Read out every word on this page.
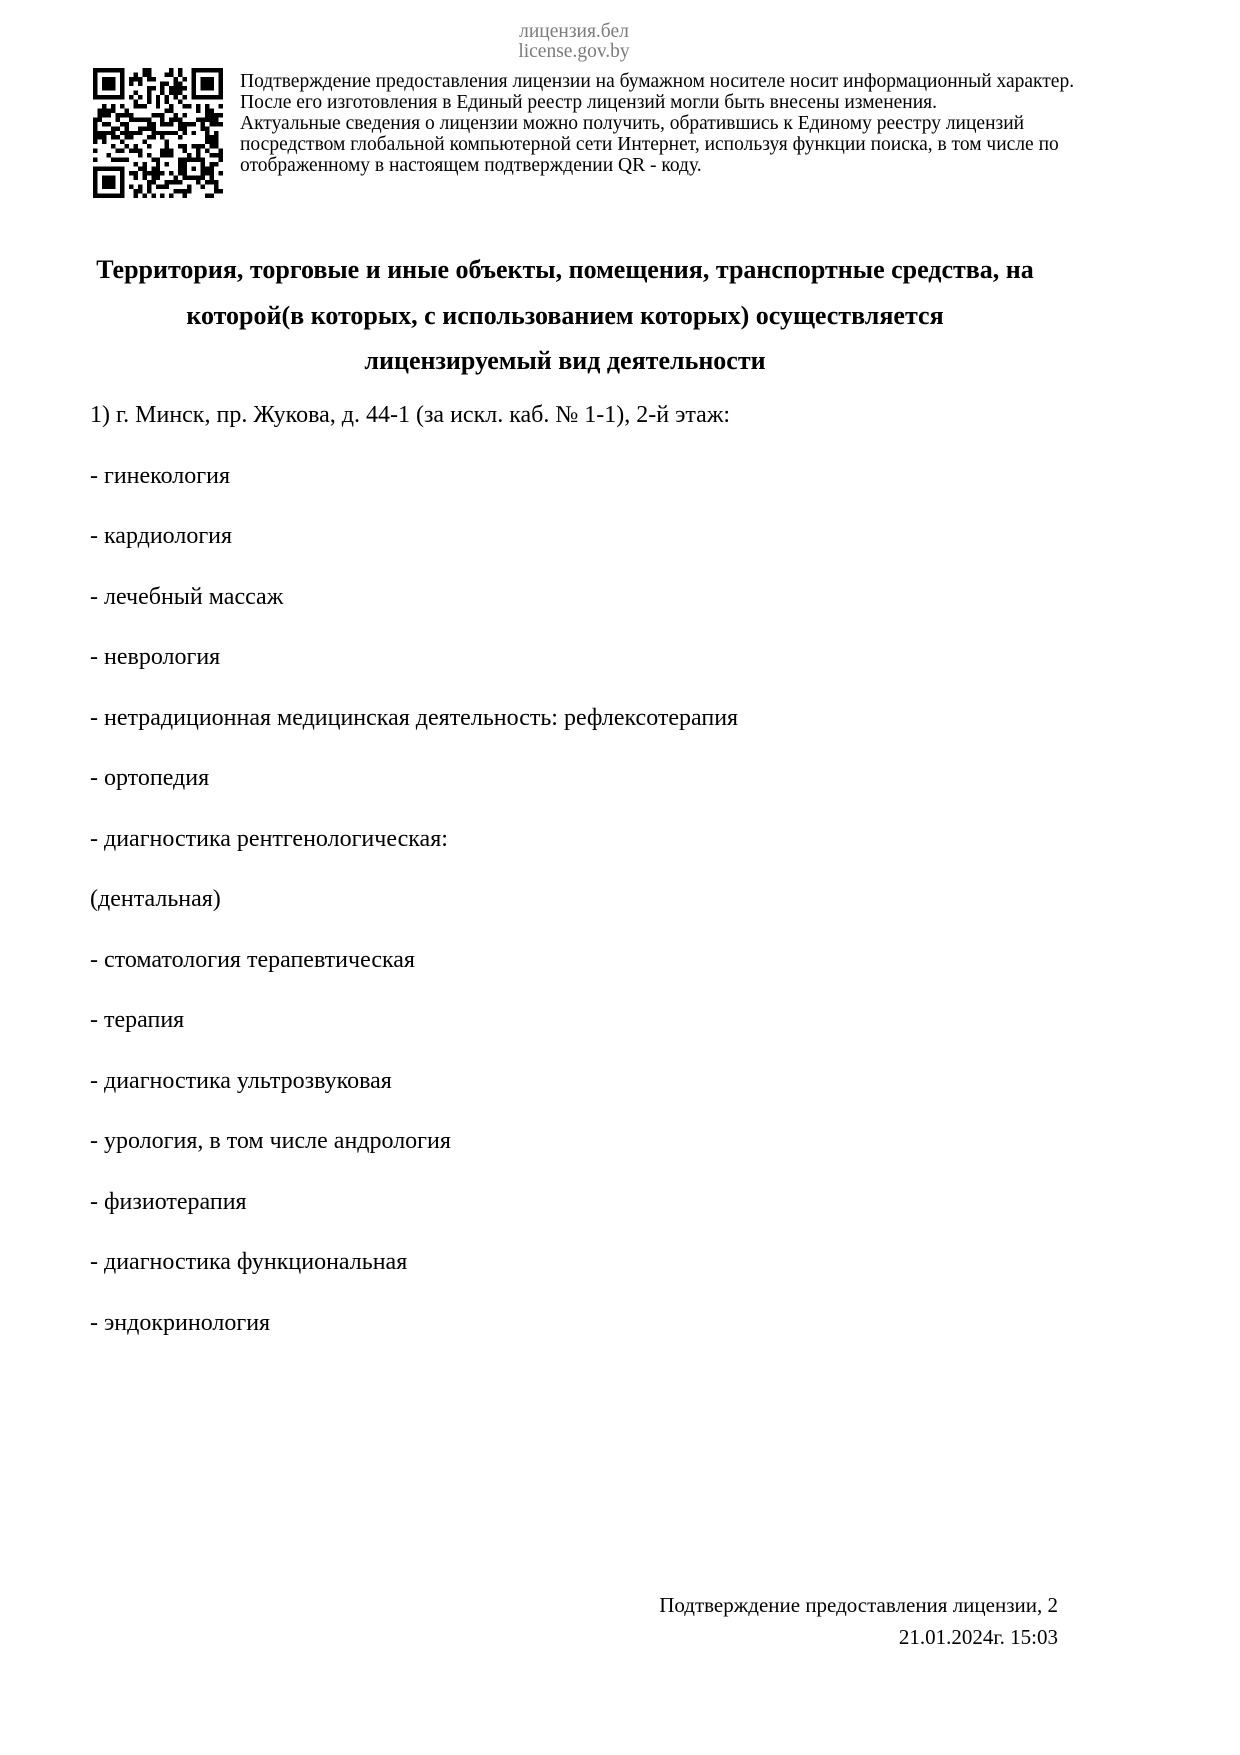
лицензия.бел
license.gov.by
Подтверждение предоставления лицензии на бумажном носителе носит информационный характер.
После его изготовления в Единый реестр лицензий могли быть внесены изменения.
Актуальные сведения о лицензии можно получить, обратившись к Единому реестру лицензий
посредством глобальной компьютерной сети Интернет, используя функции поиска, в том числе по
отображенному в настоящем подтверждении QR - коду.
Территория, торговые и иные объекты, помещения, транспортные средства, на
которой(в которых, с использованием которых) осуществляется
лицензируемый вид деятельности

1) г. Минск, пр. Жукова, д. 44-1 (за искл. каб. № 1-1), 2-й этаж:

- гинекология

- кардиология

- лечебный массаж

- неврология

- нетрадиционная медицинская деятельность: рефлексотерапия

- ортопедия

- диагностика рентгенологическая:

(дентальная)

- стоматология терапевтическая

- терапия

- диагностика ультрозвуковая

- урология, в том числе андрология

- физиотерапия

- диагностика функциональная

- эндокринология

Подтверждение предоставления лицензии, 2
21.01.2024г. 15:03
